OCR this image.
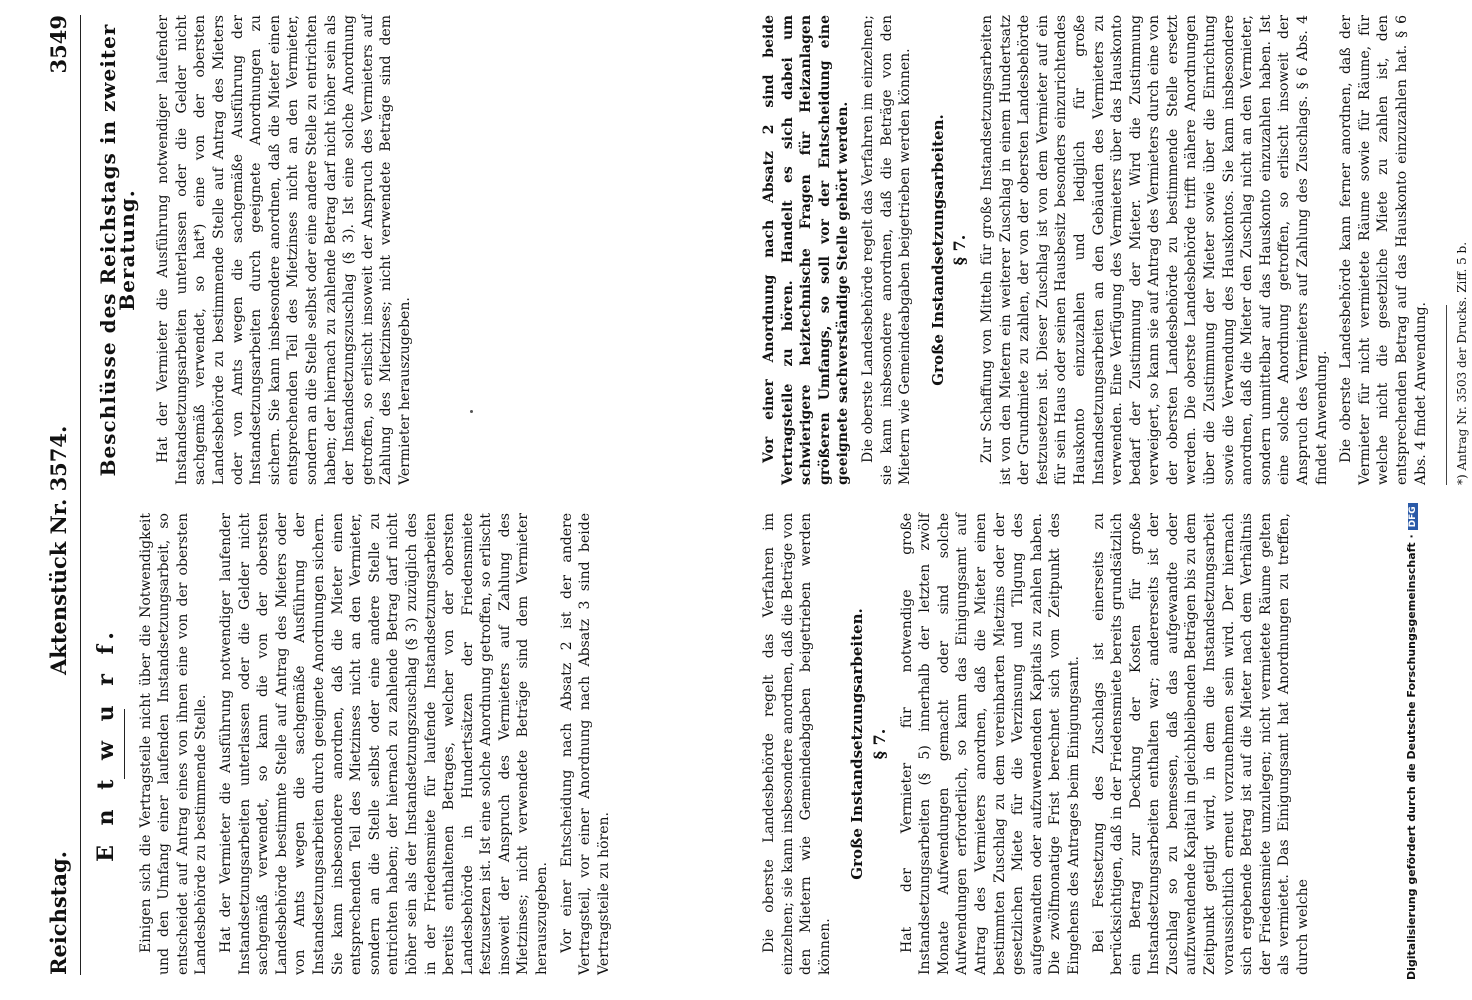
Reichstag.
Aktenstück Nr. 3574.
3549
E n t w u r f. Einigen sich die Vertragsteile nicht über die Notwendigkeit und den Umfang einer laufenden Instandsetzungsarbeit, so entscheidet auf Antrag eines von ihnen eine von der obersten Landesbehörde zu bestimmende Stelle. Hat der Vermieter die Ausführung notwendiger laufender Instandsetzungsarbeiten unterlassen oder die Gelder nicht sachgemäß verwendet, so kann die von der obersten Landesbehörde bestimmte Stelle auf Antrag des Mieters oder von Amts wegen die sachgemäße Ausführung der Instandsetzungsarbeiten durch geeignete Anordnungen sichern. Sie kann insbesondere anordnen, daß die Mieter einen entsprechenden Teil des Mietzinses nicht an den Vermieter, sondern an die Stelle selbst oder eine andere Stelle zu entrichten haben; der hiernach zu zahlende Betrag darf nicht höher sein als der Instandsetzungszuschlag (§ 3) zuzüglich des in der Friedensmiete für laufende Instandsetzungsarbeiten bereits enthaltenen Betrages, welcher von der obersten Landesbehörde in Hundertsätzen der Friedensmiete festzusetzen ist. Ist eine solche Anordnung getroffen, so erlischt insoweit der Anspruch des Vermieters auf Zahlung des Mietzinses; nicht verwendete Beträge sind dem Vermieter herauszugeben. Vor einer Entscheidung nach Absatz 2 ist der andere Vertragsteil, vor einer Anordnung nach Absatz 3 sind beide Vertragsteile zu hören.

Beschlüsse des Reichstags in zweiter Beratung. Hat der Vermieter die Ausführung notwendiger laufender Instandsetzungsarbeiten unterlassen oder die Gelder nicht sachgemäß verwendet, so hat*) eine von der obersten Landesbehörde zu bestimmende Stelle auf Antrag des Mieters oder von Amts wegen die sachgemäße Ausführung der Instandsetzungsarbeiten durch geeignete Anordnungen zu sichern. Sie kann insbesondere anordnen, daß die Mieter einen entsprechenden Teil des Mietzinses nicht an den Vermieter, sondern an die Stelle selbst oder eine andere Stelle zu entrichten haben; der hiernach zu zahlende Betrag darf nicht höher sein als der Instandsetzungszuschlag (§ 3). Ist eine solche Anordnung getroffen, so erlischt insoweit der Anspruch des Vermieters auf Zahlung des Mietzinses; nicht verwendete Beträge sind dem Vermieter herauszugeben.

Die oberste Landesbehörde regelt das Verfahren im einzelnen; sie kann insbesondere anordnen, daß die Beträge von den Mietern wie Gemeindeabgaben beigetrieben werden können.

Große Instandsetzungsarbeiten. § 7. Hat der Vermieter für notwendige große Instandsetzungsarbeiten (§ 5) innerhalb der letzten zwölf Monate Aufwendungen gemacht oder sind solche Aufwendungen erforderlich, so kann das Einigungsamt auf Antrag des Vermieters anordnen, daß die Mieter einen bestimmten Zuschlag zu dem vereinbarten Mietzins oder der gesetzlichen Miete für die Verzinsung und Tilgung des aufgewandten oder aufzuwendenden Kapitals zu zahlen haben. Die zwölfmonatige Frist berechnet sich vom Zeitpunkt des Eingehens des Antrages beim Einigungsamt. Bei Festsetzung des Zuschlags ist einerseits zu berücksichtigen, daß in der Friedensmiete bereits grundsätzlich ein Betrag zur Deckung der Kosten für große Instandsetzungsarbeiten enthalten war; andererseits ist der Zuschlag so zu bemessen, daß das aufgewandte oder aufzuwendende Kapital in gleichbleibenden Beträgen bis zu dem Zeitpunkt getilgt wird, in dem die Instandsetzungsarbeit voraussichtlich erneut vorzunehmen sein wird. Der hiernach sich ergebende Betrag ist auf die Mieter nach dem Verhältnis der Friedensmiete umzulegen; nicht vermietete Räume gelten als vermietet. Das Einigungsamt hat Anordnungen zu treffen, durch welche

Vor einer Anordnung nach Absatz 2 sind beide Vertragsteile zu hören. Handelt es sich dabei um schwierigere heiztechnische Fragen für Heizanlagen größeren Umfangs, so soll vor der Entscheidung eine geeignete sachverständige Stelle gehört werden. Die oberste Landesbehörde regelt das Verfahren im einzelnen; sie kann insbesondere anordnen, daß die Beträge von den Mietern wie Gemeindeabgaben beigetrieben werden können. Große Instandsetzungsarbeiten. § 7. Zur Schaffung von Mitteln für große Instandsetzungsarbeiten ist von den Mietern ein weiterer Zuschlag in einem Hundertsatz der Grundmiete zu zahlen, der von der obersten Landesbehörde festzusetzen ist. Dieser Zuschlag ist von dem Vermieter auf ein für sein Haus oder seinen Hausbesitz besonders einzurichtendes Hauskonto einzuzahlen und lediglich für große Instandsetzungsarbeiten an den Gebäuden des Vermieters zu verwenden. Eine Verfügung des Vermieters über das Hauskonto bedarf der Zustimmung der Mieter. Wird die Zustimmung verweigert, so kann sie auf Antrag des Vermieters durch eine von der obersten Landesbehörde zu bestimmende Stelle ersetzt werden. Die oberste Landesbehörde trifft nähere Anordnungen über die Zustimmung der Mieter sowie über die Einrichtung sowie die Verwendung des Hauskontos. Sie kann insbesondere anordnen, daß die Mieter den Zuschlag nicht an den Vermieter, sondern unmittelbar auf das Hauskonto einzuzahlen haben. Ist eine solche Anordnung getroffen, so erlischt insoweit der Anspruch des Vermieters auf Zahlung des Zuschlags. § 6 Abs. 4 findet Anwendung. Die oberste Landesbehörde kann ferner anordnen, daß der Vermieter für nicht vermietete Räume sowie für Räume, für welche nicht die gesetzliche Miete zu zahlen ist, den entsprechenden Betrag auf das Hauskonto einzuzahlen hat. § 6 Abs. 4 findet Anwendung. *) Antrag Nr. 3503 der Drucks. Ziff. 5 b.
Digitalisierung gefördert durch die Deutsche Forschungsgemeinschaft ·DFG
